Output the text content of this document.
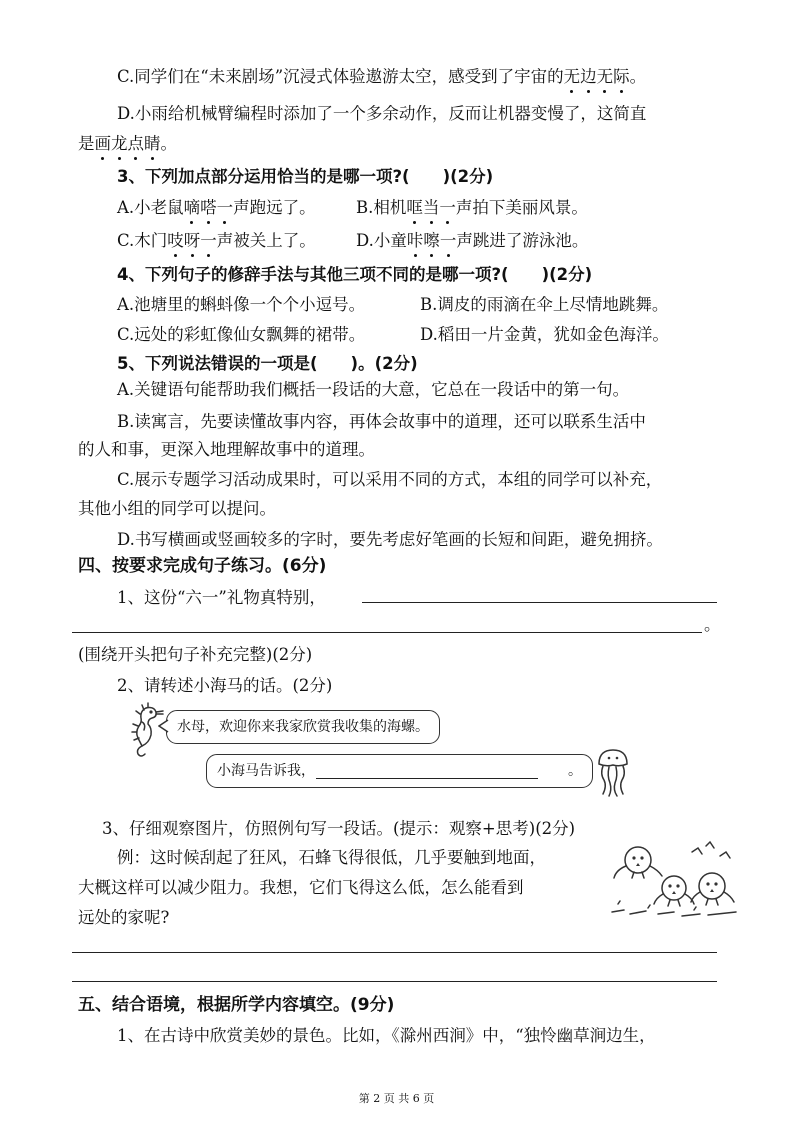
C.同学们在“未来剧场”沉浸式体验遨游太空，感受到了宇宙的无边无际。
D.小雨给机械臂编程时添加了一个多余动作，反而让机器变慢了，这简直
是画龙点睛。
3、下列加点部分运用恰当的是哪一项?(　　)(2分)
A.小老鼠嘀嗒一声跑远了。 B.相机哐当一声拍下美丽风景。
C.木门吱呀一声被关上了。 D.小童咔嚓一声跳进了游泳池。
4、下列句子的修辞手法与其他三项不同的是哪一项?(　　)(2分)
A.池塘里的蝌蚪像一个个小逗号。	B.调皮的雨滴在伞上尽情地跳舞。
C.远处的彩虹像仙女飘舞的裙带。	D.稻田一片金黄，犹如金色海洋。
5、下列说法错误的一项是(　　)。(2分)
A.关键语句能帮助我们概括一段话的大意，它总在一段话中的第一句。
B.读寓言，先要读懂故事内容，再体会故事中的道理，还可以联系生活中
的人和事，更深入地理解故事中的道理。
C.展示专题学习活动成果时，可以采用不同的方式，本组的同学可以补充，
其他小组的同学可以提问。
D.书写横画或竖画较多的字时，要先考虑好笔画的长短和间距，避免拥挤。
四、按要求完成句子练习。(6分)
1、这份“六一”礼物真特别，
。
(围绕开头把句子补充完整)(2分)
2、请转述小海马的话。(2分)
水母，欢迎你来我家欣赏我收集的海螺。
小海马告诉我，	。
3、仔细观察图片，仿照例句写一段话。(提示：观察+思考)(2分)
例：这时候刮起了狂风，石蜂飞得很低，几乎要触到地面，
大概这样可以减少阻力。我想，它们飞得这么低，怎么能看到
远处的家呢?
五、结合语境，根据所学内容填空。(9分)
1、在古诗中欣赏美妙的景色。比如，《滁州西涧》中，“独怜幽草涧边生，
第 2 页 共 6 页
